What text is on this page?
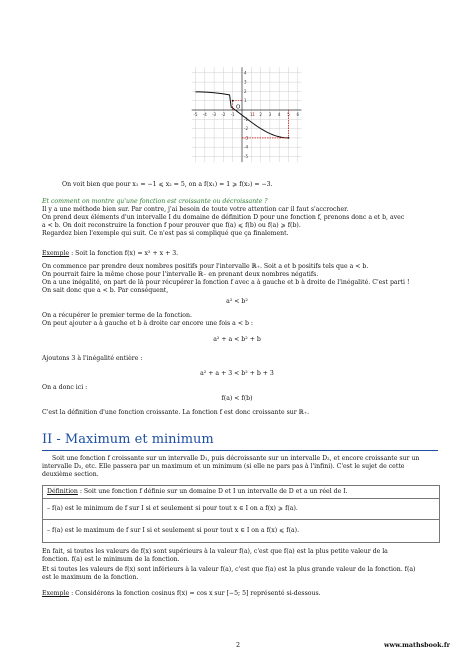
-5 -4 -3 -2 -1	1 2 3 4 5 6
4
3
2
1
-1
-2
-3
-4
-5
O
1
On voit bien que pour x₁ = −1 ⩽ x₂ = 5, on a f(x₁) = 1 ⩾ f(x₂) = −3.
Et comment on montre qu'une fonction est croissante ou décroissante ?
Il y a une méthode bien sur. Par contre, j'ai besoin de toute votre attention car il faut s'accrocher.
On prend deux éléments d'un intervalle I du domaine de définition D pour une fonction f, prenons donc a et b, avec
a < b. On doit reconstruire la fonction f pour prouver que f(a) ⩽ f(b) ou f(a) ⩾ f(b).
Regardez bien l'exemple qui suit. Ce n'est pas si compliqué que ça finalement.
Exemple : Soit la fonction f(x) = x² + x + 3.
On commence par prendre deux nombres positifs pour l'intervalle ℝ₊. Soit a et b positifs tels que a < b.
On pourrait faire la même chose pour l'intervalle ℝ₋ en prenant deux nombres négatifs.
On a une inégalité, on part de là pour récupérer la fonction f avec a à gauche et b à droite de l'inégalité. C'est parti !
On sait donc que a < b. Par conséquent,
a² < b²
On a récupérer le premier terme de la fonction.
On peut ajouter a à gauche et b à droite car encore une fois a < b :
a² + a < b² + b
Ajoutons 3 à l'inégalité entière :
a² + a + 3 < b² + b + 3
On a donc ici :
f(a) < f(b)
C'est la définition d'une fonction croissante. La fonction f est donc croissante sur ℝ₊.
II - Maximum et minimum
Soit une fonction f croissante sur un intervalle D₁, puis décroissante sur un intervalle D₂, et encore croissante sur un
intervalle D₃, etc. Elle passera par un maximum et un minimum (si elle ne pars pas à l'infini). C'est le sujet de cette
deuxième section.
Définition : Soit une fonction f définie sur un domaine D et I un intervalle de D et a un réel de I.
– f(a) est le minimum de f sur I si et seulement si pour tout x ∈ I on a f(x) ⩾ f(a).
– f(a) est le maximum de f sur I si et seulement si pour tout x ∈ I on a f(x) ⩽ f(a).
En fait, si toutes les valeurs de f(x) sont supérieurs à la valeur f(a), c'est que f(a) est la plus petite valeur de la
fonction. f(a) est le minimum de la fonction.
Et si toutes les valeurs de f(x) sont inférieurs à la valeur f(a), c'est que f(a) est la plus grande valeur de la fonction. f(a)
est le maximum de la fonction.
Exemple : Considérons la fonction cosinus f(x) = cos x sur [−5; 5] représenté si-dessous.
2	www.mathsbook.fr
